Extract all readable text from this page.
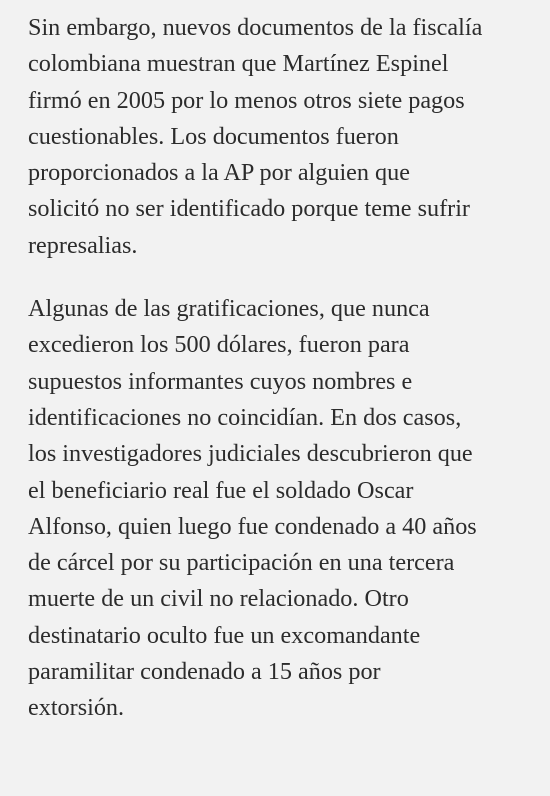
Sin embargo, nuevos documentos de la fiscalía
colombiana muestran que Martínez Espinel
firmó en 2005 por lo menos otros siete pagos
cuestionables. Los documentos fueron
proporcionados a la AP por alguien que
solicitó no ser identificado porque teme sufrir
represalias.

Algunas de las gratificaciones, que nunca
excedieron los 500 dólares, fueron para
supuestos informantes cuyos nombres e
identificaciones no coincidían. En dos casos,
los investigadores judiciales descubrieron que
el beneficiario real fue el soldado Oscar
Alfonso, quien luego fue condenado a 40 años
de cárcel por su participación en una tercera
muerte de un civil no relacionado. Otro
destinatario oculto fue un excomandante
paramilitar condenado a 15 años por
extorsión.
